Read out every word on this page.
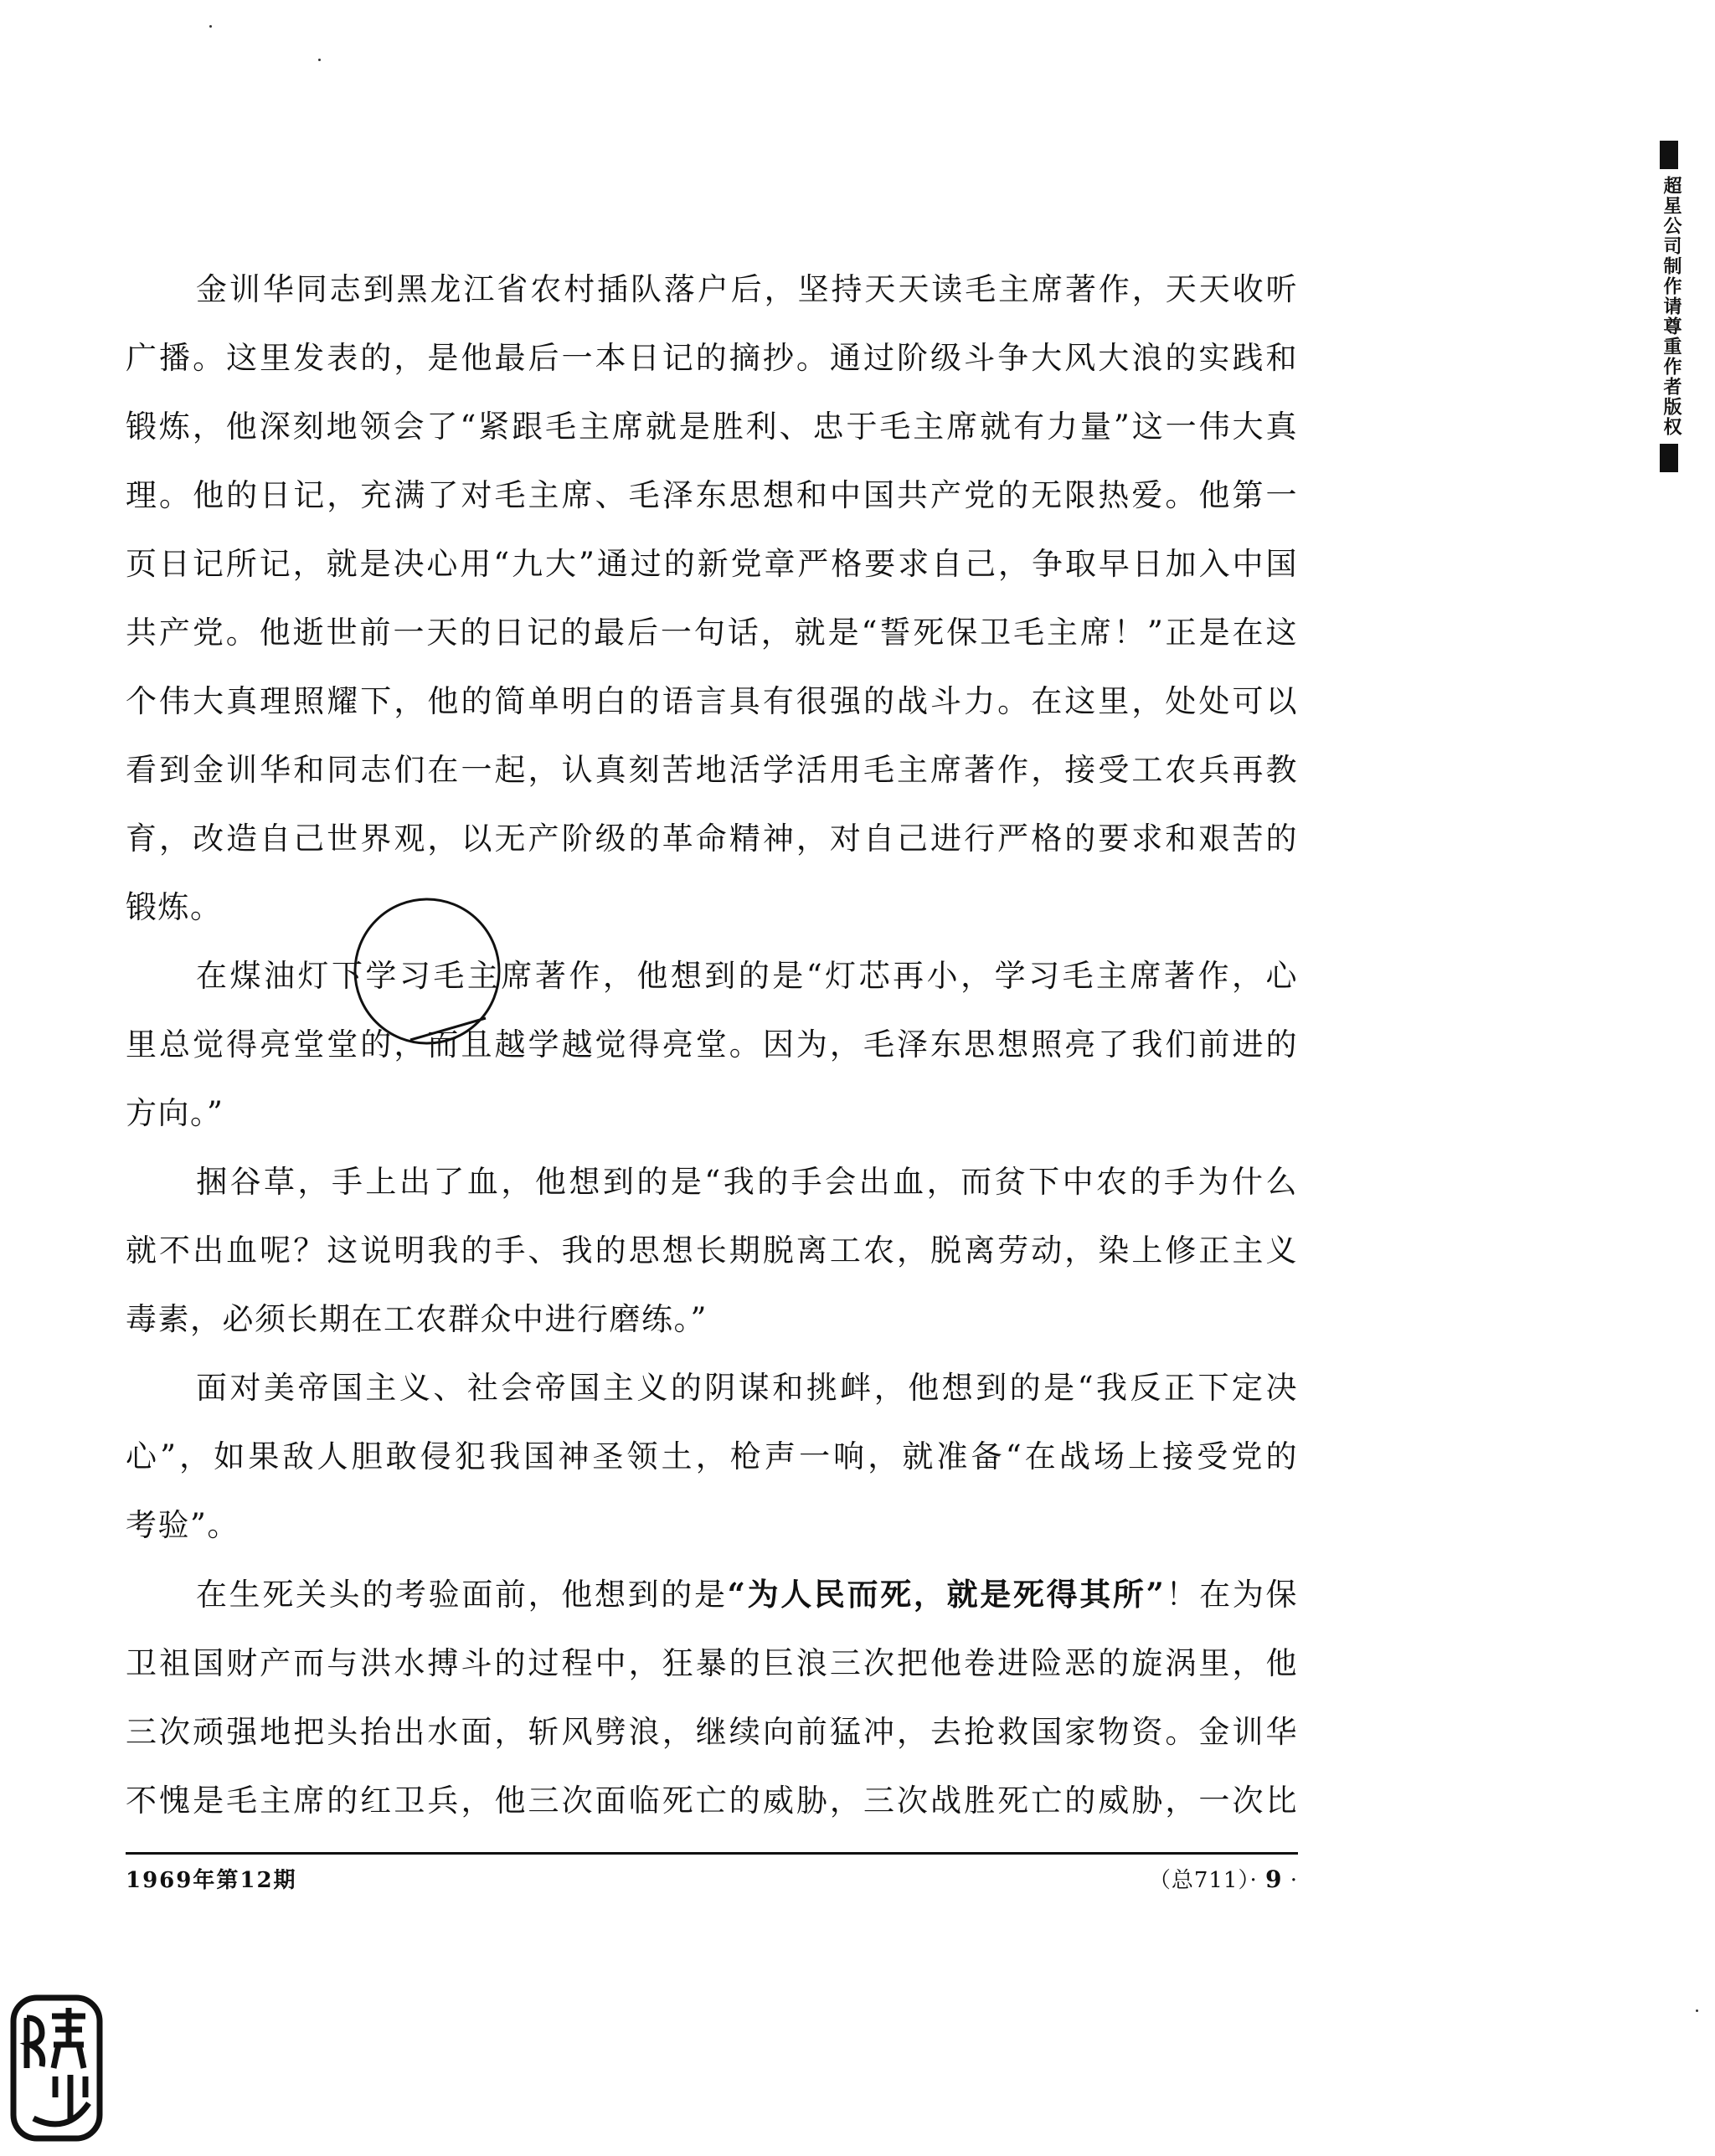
金训华同志到黑龙江省农村插队落户后，坚持天天读毛主席著作，天天收听
广播。这里发表的，是他最后一本日记的摘抄。通过阶级斗争大风大浪的实践和
锻炼，他深刻地领会了“紧跟毛主席就是胜利、忠于毛主席就有力量”这一伟大真
理。他的日记，充满了对毛主席、毛泽东思想和中国共产党的无限热爱。他第一
页日记所记，就是决心用“九大”通过的新党章严格要求自己，争取早日加入中国
共产党。他逝世前一天的日记的最后一句话，就是“誓死保卫毛主席！”正是在这
个伟大真理照耀下，他的简单明白的语言具有很强的战斗力。在这里，处处可以
看到金训华和同志们在一起，认真刻苦地活学活用毛主席著作，接受工农兵再教
育，改造自己世界观，以无产阶级的革命精神，对自己进行严格的要求和艰苦的
锻炼。

在煤油灯下学习毛主席著作，他想到的是“灯芯再小，学习毛主席著作，心
里总觉得亮堂堂的，而且越学越觉得亮堂。因为，毛泽东思想照亮了我们前进的
方向。”

捆谷草，手上出了血，他想到的是“我的手会出血，而贫下中农的手为什么
就不出血呢？这说明我的手、我的思想长期脱离工农，脱离劳动，染上修正主义
毒素，必须长期在工农群众中进行磨练。”

面对美帝国主义、社会帝国主义的阴谋和挑衅，他想到的是“我反正下定决
心”，如果敌人胆敢侵犯我国神圣领土，枪声一响，就准备“在战场上接受党的
考验”。

在生死关头的考验面前，他想到的是“为人民而死，就是死得其所”！在为保
卫祖国财产而与洪水搏斗的过程中，狂暴的巨浪三次把他卷进险恶的旋涡里，他
三次顽强地把头抬出水面，斩风劈浪，继续向前猛冲，去抢救国家物资。金训华
不愧是毛主席的红卫兵，他三次面临死亡的威胁，三次战胜死亡的威胁，一次比

1969年第12期	（总711）· 9 ·
超星公司制作请尊重作者版权
